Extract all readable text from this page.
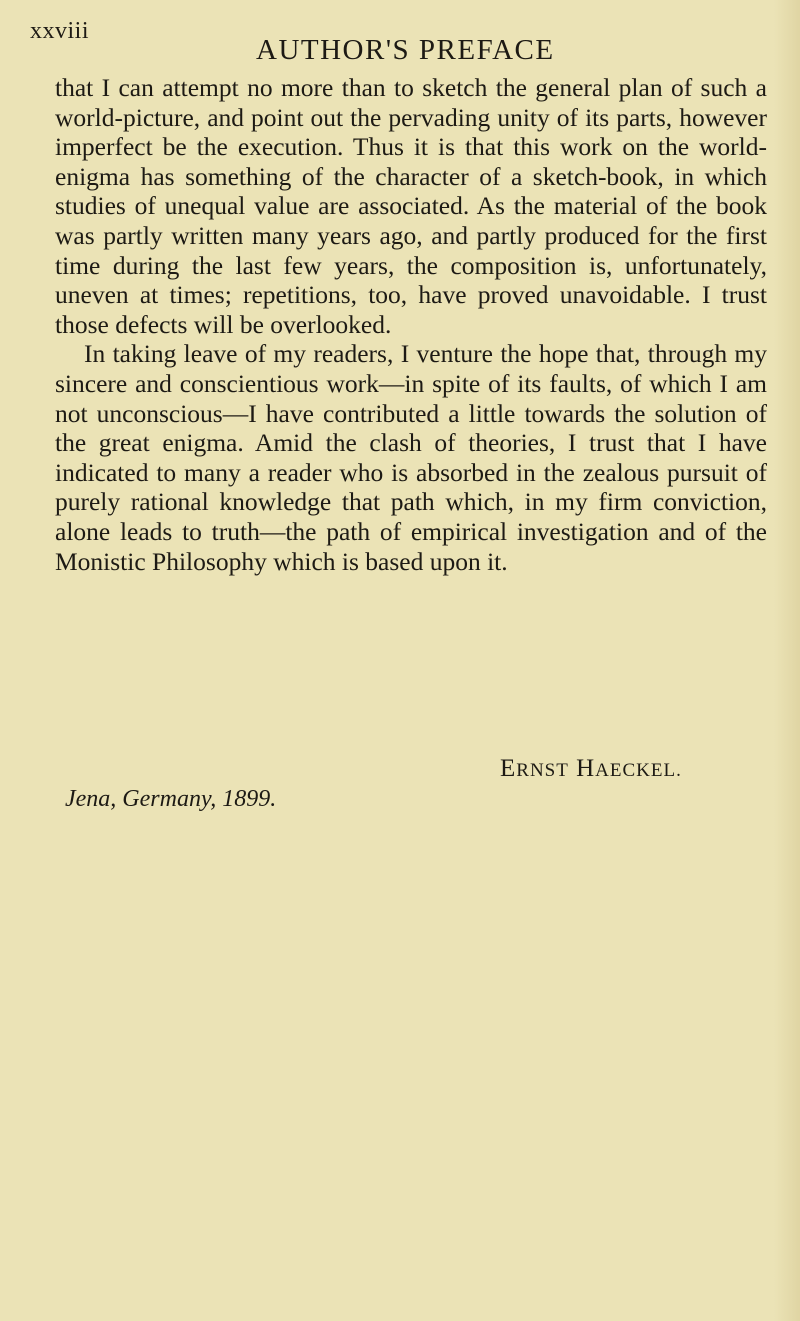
xxviii
AUTHOR'S PREFACE

that I can attempt no more than to sketch the general plan of such a world-picture, and point out the pervading unity of its parts, however imperfect be the execution. Thus it is that this work on the world-enigma has something of the character of a sketch-book, in which studies of unequal value are associated. As the material of the book was partly written many years ago, and partly produced for the first time during the last few years, the composition is, unfortunately, uneven at times; repetitions, too, have proved unavoidable. I trust those defects will be overlooked.

In taking leave of my readers, I venture the hope that, through my sincere and conscientious work—in spite of its faults, of which I am not unconscious—I have contributed a little towards the solution of the great enigma. Amid the clash of theories, I trust that I have indicated to many a reader who is absorbed in the zealous pursuit of purely rational knowledge that path which, in my firm conviction, alone leads to truth—the path of empirical investigation and of the Monistic Philosophy which is based upon it.

ERNST HAECKEL.
Jena, Germany, 1899.
